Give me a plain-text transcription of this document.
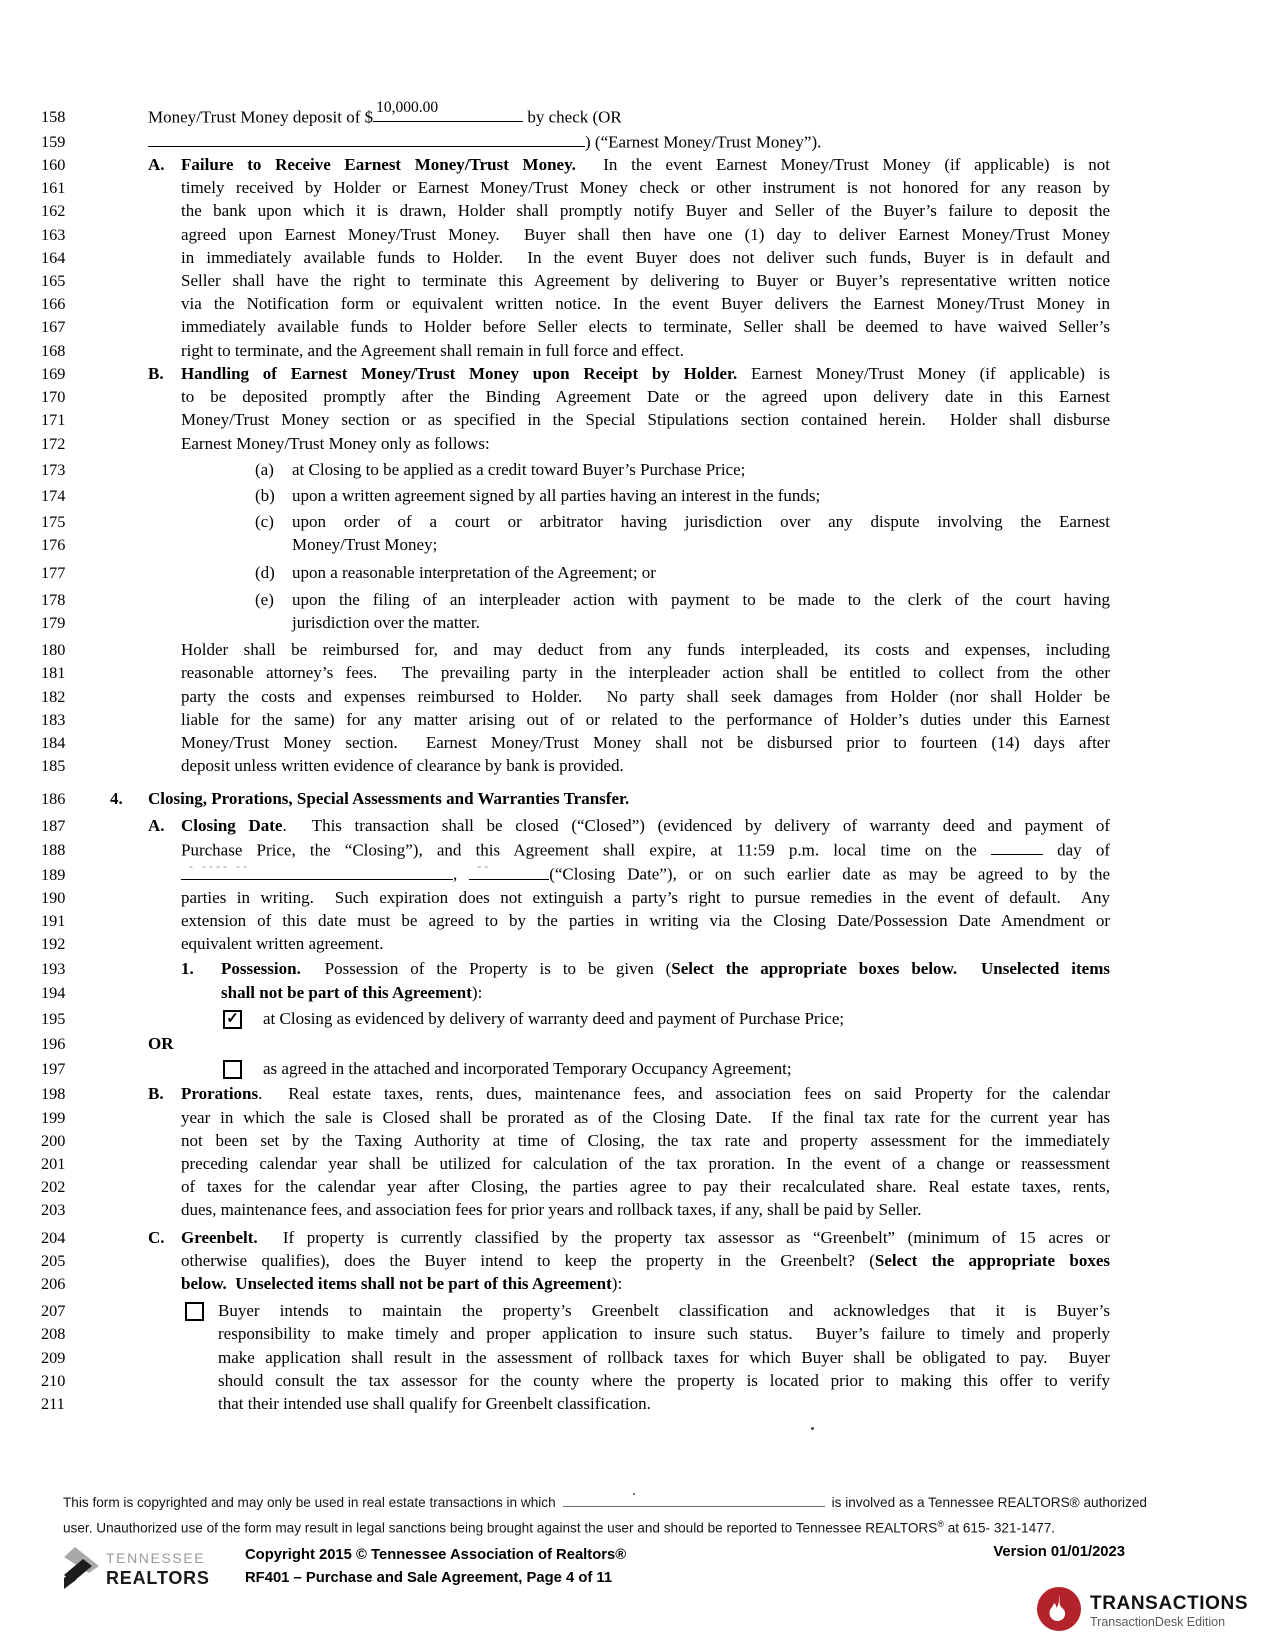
158	Money/Trust Money deposit of $ 10,000.00	by check (OR
159	) (“Earnest Money/Trust Money”).
160	A. Failure to Receive Earnest Money/Trust Money.  In the event Earnest Money/Trust Money (if applicable) is not
161	timely received by Holder or Earnest Money/Trust Money check or other instrument is not honored for any reason by
162	the bank upon which it is drawn, Holder shall promptly notify Buyer and Seller of the Buyer’s failure to deposit the
163	agreed upon Earnest Money/Trust Money.  Buyer shall then have one (1) day to deliver Earnest Money/Trust Money
164	in immediately available funds to Holder.  In the event Buyer does not deliver such funds, Buyer is in default and
165	Seller shall have the right to terminate this Agreement by delivering to Buyer or Buyer’s representative written notice
166	via the Notification form or equivalent written notice. In the event Buyer delivers the Earnest Money/Trust Money in
167	immediately available funds to Holder before Seller elects to terminate, Seller shall be deemed to have waived Seller’s
168	right to terminate, and the Agreement shall remain in full force and effect.
169	B. Handling of Earnest Money/Trust Money upon Receipt by Holder. Earnest Money/Trust Money (if applicable) is
170	to be deposited promptly after the Binding Agreement Date or the agreed upon delivery date in this Earnest
171	Money/Trust Money section or as specified in the Special Stipulations section contained herein.  Holder shall disburse
172	Earnest Money/Trust Money only as follows:
173	(a) at Closing to be applied as a credit toward Buyer’s Purchase Price;
174	(b) upon a written agreement signed by all parties having an interest in the funds;
175	(c) upon order of a court or arbitrator having jurisdiction over any dispute involving the Earnest
176	Money/Trust Money;
177	(d) upon a reasonable interpretation of the Agreement; or
178	(e) upon the filing of an interpleader action with payment to be made to the clerk of the court having
179	jurisdiction over the matter.
180	Holder shall be reimbursed for, and may deduct from any funds interpleaded, its costs and expenses, including
181	reasonable attorney’s fees.  The prevailing party in the interpleader action shall be entitled to collect from the other
182	party the costs and expenses reimbursed to Holder.  No party shall seek damages from Holder (nor shall Holder be
183	liable for the same) for any matter arising out of or related to the performance of Holder’s duties under this Earnest
184	Money/Trust Money section.  Earnest Money/Trust Money shall not be disbursed prior to fourteen (14) days after
185	deposit unless written evidence of clearance by bank is provided.
186	4. Closing, Prorations, Special Assessments and Warranties Transfer.
187	A. Closing Date.  This transaction shall be closed (“Closed”) (evidenced by delivery of warranty deed and payment of
188	Purchase Price, the “Closing”), and this Agreement shall expire, at 11:59 p.m. local time on the	day of
189	- ---- --	, --	(“Closing Date”), or on such earlier date as may be agreed to by the
190	parties in writing.  Such expiration does not extinguish a party’s right to pursue remedies in the event of default.  Any
191	extension of this date must be agreed to by the parties in writing via the Closing Date/Possession Date Amendment or
192	equivalent written agreement.
193	1. Possession.  Possession of the Property is to be given (Select the appropriate boxes below.  Unselected items
194	shall not be part of this Agreement):
195	✓ at Closing as evidenced by delivery of warranty deed and payment of Purchase Price;
196	OR
197	as agreed in the attached and incorporated Temporary Occupancy Agreement;
198	B. Prorations.  Real estate taxes, rents, dues, maintenance fees, and association fees on said Property for the calendar
199	year in which the sale is Closed shall be prorated as of the Closing Date.  If the final tax rate for the current year has
200	not been set by the Taxing Authority at time of Closing, the tax rate and property assessment for the immediately
201	preceding calendar year shall be utilized for calculation of the tax proration. In the event of a change or reassessment
202	of taxes for the calendar year after Closing, the parties agree to pay their recalculated share. Real estate taxes, rents,
203	dues, maintenance fees, and association fees for prior years and rollback taxes, if any, shall be paid by Seller.
204	C. Greenbelt.  If property is currently classified by the property tax assessor as “Greenbelt” (minimum of 15 acres or
205	otherwise qualifies), does the Buyer intend to keep the property in the Greenbelt? (Select the appropriate boxes
206	below.  Unselected items shall not be part of this Agreement):
207	Buyer intends to maintain the property’s Greenbelt classification and acknowledges that it is Buyer’s
208	responsibility to make timely and proper application to insure such status.  Buyer’s failure to timely and properly
209	make application shall result in the assessment of rollback taxes for which Buyer shall be obligated to pay.  Buyer
210	should consult the tax assessor for the county where the property is located prior to making this offer to verify
211	that their intended use shall qualify for Greenbelt classification.
This form is copyrighted and may only be used in real estate transactions in which	is involved as a Tennessee REALTORS® authorized
user. Unauthorized use of the form may result in legal sanctions being brought against the user and should be reported to Tennessee REALTORS® at 615- 321-1477.
TENNESSEE
REALTORS
Copyright 2015 © Tennessee Association of Realtors®
RF401 – Purchase and Sale Agreement, Page 4 of 11
Version 01/01/2023
TRANSACTIONS
TransactionDesk Edition
